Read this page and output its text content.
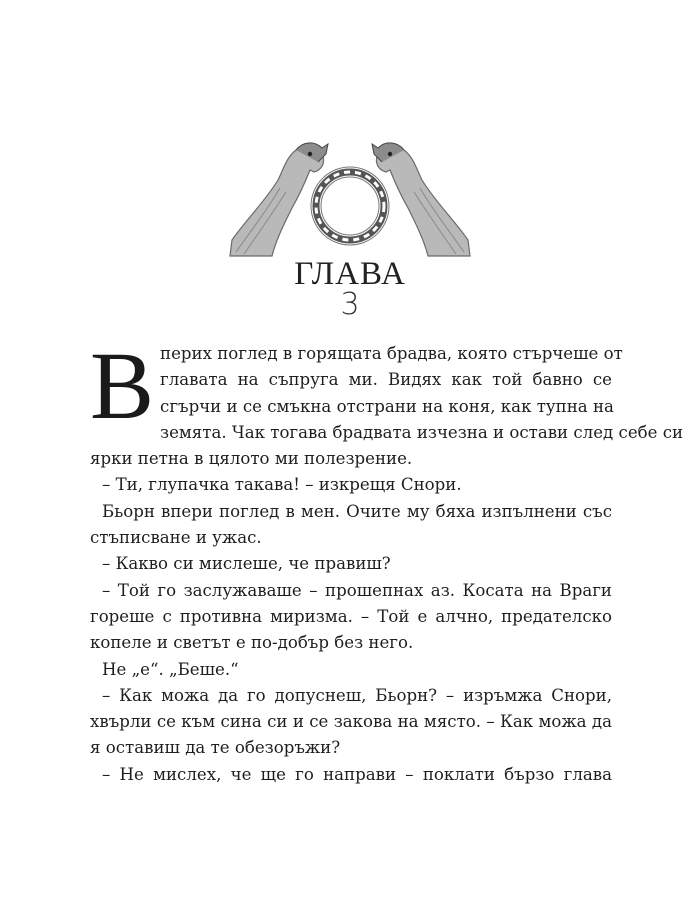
ГЛАВА
3
В перих поглед в горящата брадва, която стърчеше от
главата на съпруга ми. Видях как той бавно се
сгърчи и се смъкна отстрани на коня, как тупна на
земята. Чак тогава брадвата изчезна и остави след себе си
ярки петна в цялото ми полезрение.
– Ти, глупачка такава! – изкрещя Снори.
Бьорн впери поглед в мен. Очите му бяха изпълнени със
стъписване и ужас.
– Какво си мислеше, че правиш?
– Той го заслужаваше – прошепнах аз. Косата на Враги
гореше с противна миризма. – Той е алчно, предателско
копеле и светът е по-добър без него.
Не „е“. „Беше.“
– Как можа да го допуснеш, Бьорн? – изръмжа Снори,
хвърли се към сина си и се закова на място. – Как можа да
я оставиш да те обезоръжи?
– Не мислех, че ще го направи – поклати бързо глава
